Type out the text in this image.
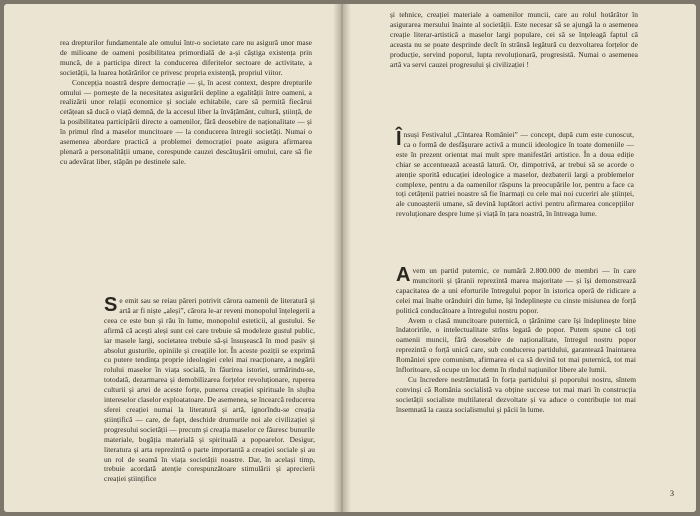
rea drepturilor fundamentale ale omului într-o societate care nu asigură unor mase de milioane de oameni posibilitatea primordială de a-și câștiga existența prin muncă, de a participa direct la conducerea diferitelor sectoare de activitate, a societății, la luarea hotărârilor ce privesc propria existență, propriul viitor.

Concepția noastră despre democrație — și, în acest context, despre drepturile omului — pornește de la necesitatea asigurării depline a egalității între oameni, a realizării unor relații economice și sociale echitabile, care să permită fiecărui cetățean să ducă o viață demnă, de la accesul liber la învățământ, cultură, știință, de la posibilitatea participării directe a oamenilor, fără deosebire de naționalitate — și în primul rînd a maselor muncitoare — la conducerea întregii societăți. Numai o asemenea abordare practică a problemei democrației poate asigura afirmarea plenară a personalității umane, corespunde cauzei descătușării omului, care să fie cu adevărat liber, stăpân pe destinele sale.

Se emit sau se reiau păreri potrivit cărora oamenii de literatură și artă ar fi niște „aleși”, cărora le-ar reveni monopolul înțelegerii a ceea ce este bun și rău în lume, monopolul esteticii, al gustului. Se afirmă că acești aleși sunt cei care trebuie să modeleze gustul public, iar masele largi, societatea trebuie să-și însușească în mod pasiv și absolut gusturile, opiniile și creațiile lor. În aceste poziții se exprimă cu putere tendința proprie ideologiei celei mai reacționare, a negării rolului maselor în viața socială, în făurirea istoriei, urmărindu-se, totodată, dezarmarea și demobilizarea forțelor revoluționare, ruperea culturii și artei de aceste forțe, punerea creației spirituale în slujba intereselor claselor exploatatoare. De asemenea, se încearcă reducerea sferei creației numai la literatură și artă, ignorîndu-se creația științifică — care, de fapt, deschide drumurile noi ale civilizației și progresului societății — precum și creația maselor ce făuresc bunurile materiale, bogăția materială și spirituală a popoarelor. Desigur, literatura și arta reprezintă o parte importantă a creației sociale și au un rol de seamă în viața societății noastre. Dar, în același timp, trebuie acordată atenție corespunzătoare stimulării și aprecierii creației științifice

și tehnice, creației materiale a oamenilor muncii, care au rolul hotărâtor în asigurarea mersului înainte al societății. Este necesar să se ajungă la o asemenea creație literar-artistică a maselor largi populare, cei să se înțeleagă faptul că aceasta nu se poate desprinde decît în strânsă legătură cu dezvoltarea forțelor de producție, servind poporul, lupta revoluționară, progresistă. Numai o asemenea artă va servi cauzei progresului și civilizației !

Însuși Festivalul „Cîntarea României” — concept, după cum este cunoscut, ca o formă de desfășurare activă a muncii ideologice în toate domeniile — este în prezent orientat mai mult spre manifestări artistice. În a doua ediție chiar se accentuează această latură. Or, dimpotrivă, ar trebui să se acorde o atenție sporită educației ideologice a maselor, dezbaterii largi a problemelor complexe, pentru a da oamenilor răspuns la preocupările lor, pentru a face ca toți cetățenii patriei noastre să fie înarmați cu cele mai noi cuceriri ale științei, ale cunoașterii umane, să devină luptători activi pentru afirmarea concepțiilor revoluționare despre lume și viață în țara noastră, în întreaga lume.

Avem un partid puternic, ce numără 2.800.000 de membri — în care muncitorii și țăranii reprezintă marea majoritate — și își demonstrează capacitatea de a uni eforturile întregului popor în istorica operă de ridicare a celei mai înalte orânduiri din lume, își îndeplinește cu cinste misiunea de forță politică conducătoare a întregului nostru popor.

Avem o clasă muncitoare puternică, o țărănime care își îndeplinește bine îndatoririle, o intelectualitate strîns legată de popor. Putem spune că toți oamenii muncii, fără deosebire de naționalitate, întregul nostru popor reprezintă o forță unică care, sub conducerea partidului, garantează înaintarea României spre comunism, afirmarea ei ca să devină tot mai puternică, tot mai înfloritoare, să ocupe un loc demn în rîndul națiunilor libere ale lumii.

Cu încredere nestrămutată în forța partidului și poporului nostru, sîntem convinși că România socialistă va obține succese tot mai mari în construcția societății socialiste multilateral dezvoltate și va aduce o contribuție tot mai însemnată la cauza socialismului și păcii în lume.

3
